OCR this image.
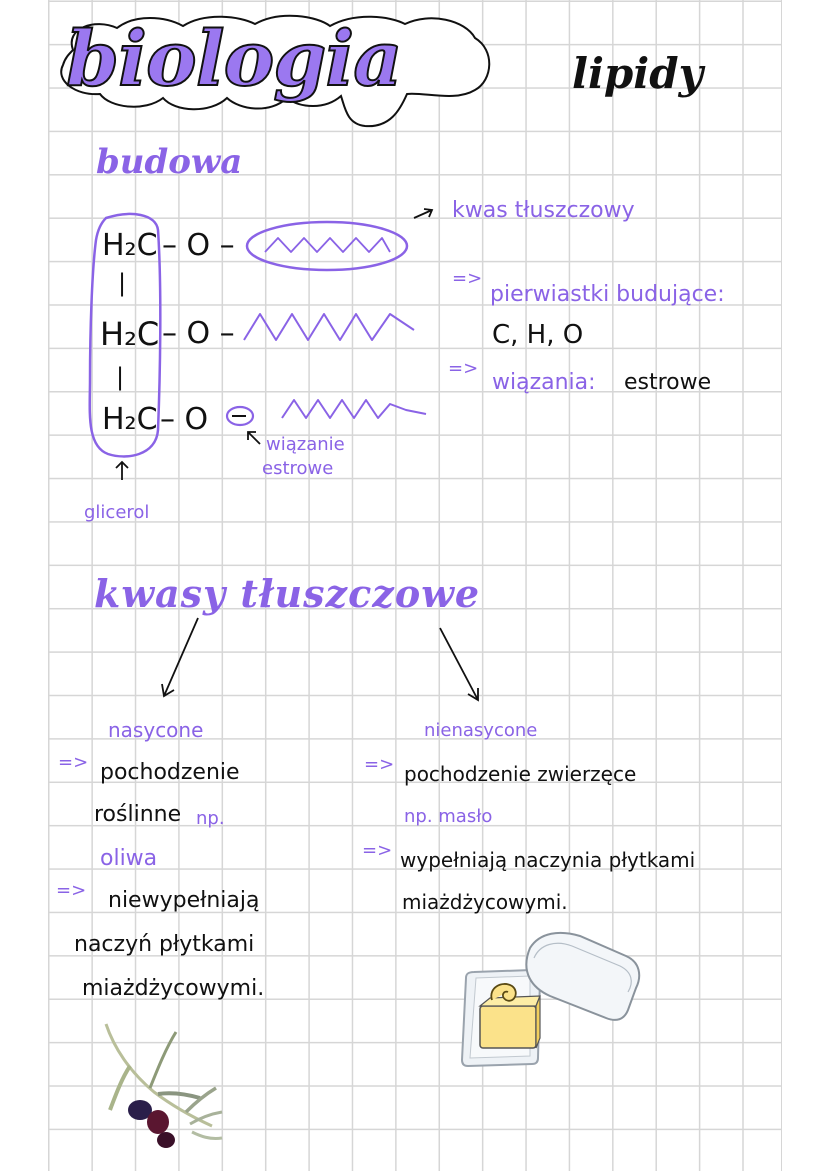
biologia	lipidy
budowa
H₂C – O –
|
H₂C – O –
|
H₂C – O
kwas tłuszczowy
wiązanie
estrowe
glicerol
=>
pierwiastki budujące:
C, H, O
=>
wiązania: estrowe
kwasy tłuszczowe
nasycone
=> pochodzenie
roślinne np.
oliwa
=> niewypełniają
naczyń płytkami
miażdżycowymi.
nienasycone
=> pochodzenie zwierzęce
np. masło
=> wypełniają naczynia płytkami
miażdżycowymi.
